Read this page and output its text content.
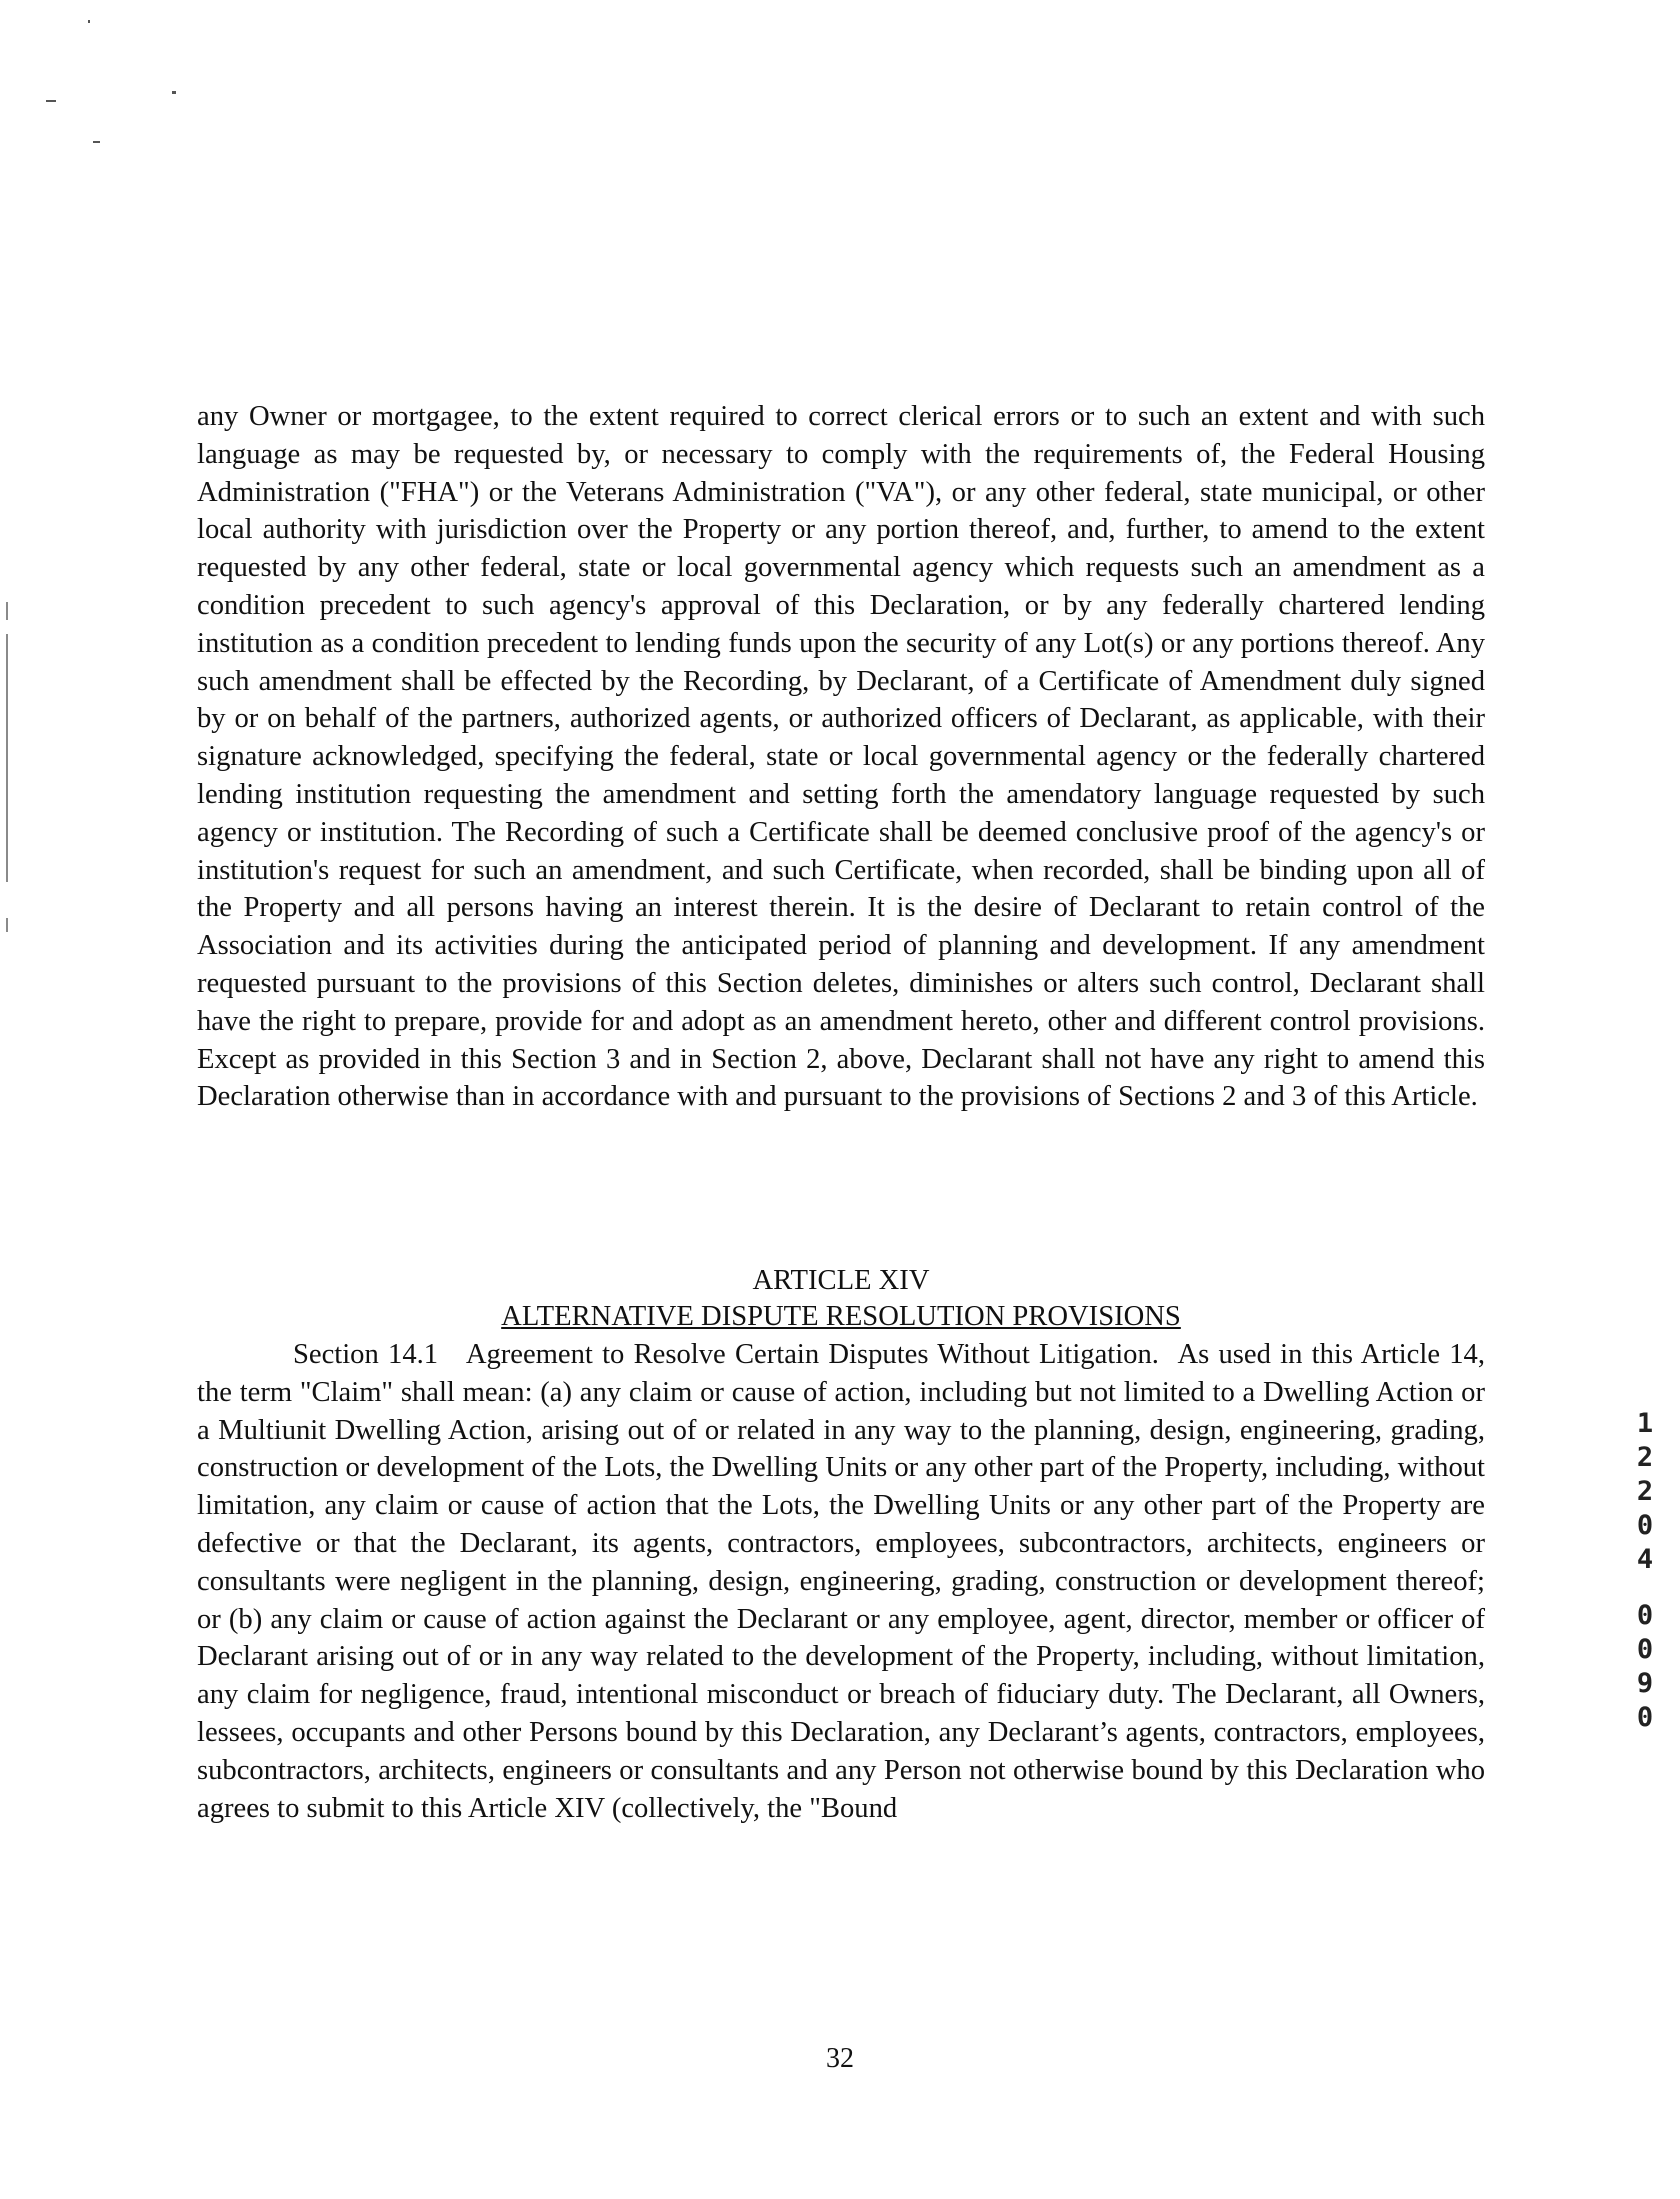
any Owner or mortgagee, to the extent required to correct clerical errors or to such an extent and with such language as may be requested by, or necessary to comply with the requirements of, the Federal Housing Administration ("FHA") or the Veterans Administration ("VA"), or any other federal, state municipal, or other local authority with jurisdiction over the Property or any portion thereof, and, further, to amend to the extent requested by any other federal, state or local governmental agency which requests such an amendment as a condition precedent to such agency's approval of this Declaration, or by any federally chartered lending institution as a condition precedent to lending funds upon the security of any Lot(s) or any portions thereof. Any such amendment shall be effected by the Recording, by Declarant, of a Certificate of Amendment duly signed by or on behalf of the partners, authorized agents, or authorized officers of Declarant, as applicable, with their signature acknowledged, specifying the federal, state or local governmental agency or the federally chartered lending institution requesting the amendment and setting forth the amendatory language requested by such agency or institution. The Recording of such a Certificate shall be deemed conclusive proof of the agency's or institution's request for such an amendment, and such Certificate, when recorded, shall be binding upon all of the Property and all persons having an interest therein. It is the desire of Declarant to retain control of the Association and its activities during the anticipated period of planning and development. If any amendment requested pursuant to the provisions of this Section deletes, diminishes or alters such control, Declarant shall have the right to prepare, provide for and adopt as an amendment hereto, other and different control provisions. Except as provided in this Section 3 and in Section 2, above, Declarant shall not have any right to amend this Declaration otherwise than in accordance with and pursuant to the provisions of Sections 2 and 3 of this Article.

ARTICLE XIV
ALTERNATIVE DISPUTE RESOLUTION PROVISIONS

Section 14.1 Agreement to Resolve Certain Disputes Without Litigation. As used in this Article 14, the term "Claim" shall mean: (a) any claim or cause of action, including but not limited to a Dwelling Action or a Multiunit Dwelling Action, arising out of or related in any way to the planning, design, engineering, grading, construction or development of the Lots, the Dwelling Units or any other part of the Property, including, without limitation, any claim or cause of action that the Lots, the Dwelling Units or any other part of the Property are defective or that the Declarant, its agents, contractors, employees, subcontractors, architects, engineers or consultants were negligent in the planning, design, engineering, grading, construction or development thereof; or (b) any claim or cause of action against the Declarant or any employee, agent, director, member or officer of Declarant arising out of or in any way related to the development of the Property, including, without limitation, any claim for negligence, fraud, intentional misconduct or breach of fiduciary duty. The Declarant, all Owners, lessees, occupants and other Persons bound by this Declaration, any Declarant’s agents, contractors, employees, subcontractors, architects, engineers or consultants and any Person not otherwise bound by this Declaration who agrees to submit to this Article XIV (collectively, the "Bound

32
1
2
2
0
4
0
0
9
0
